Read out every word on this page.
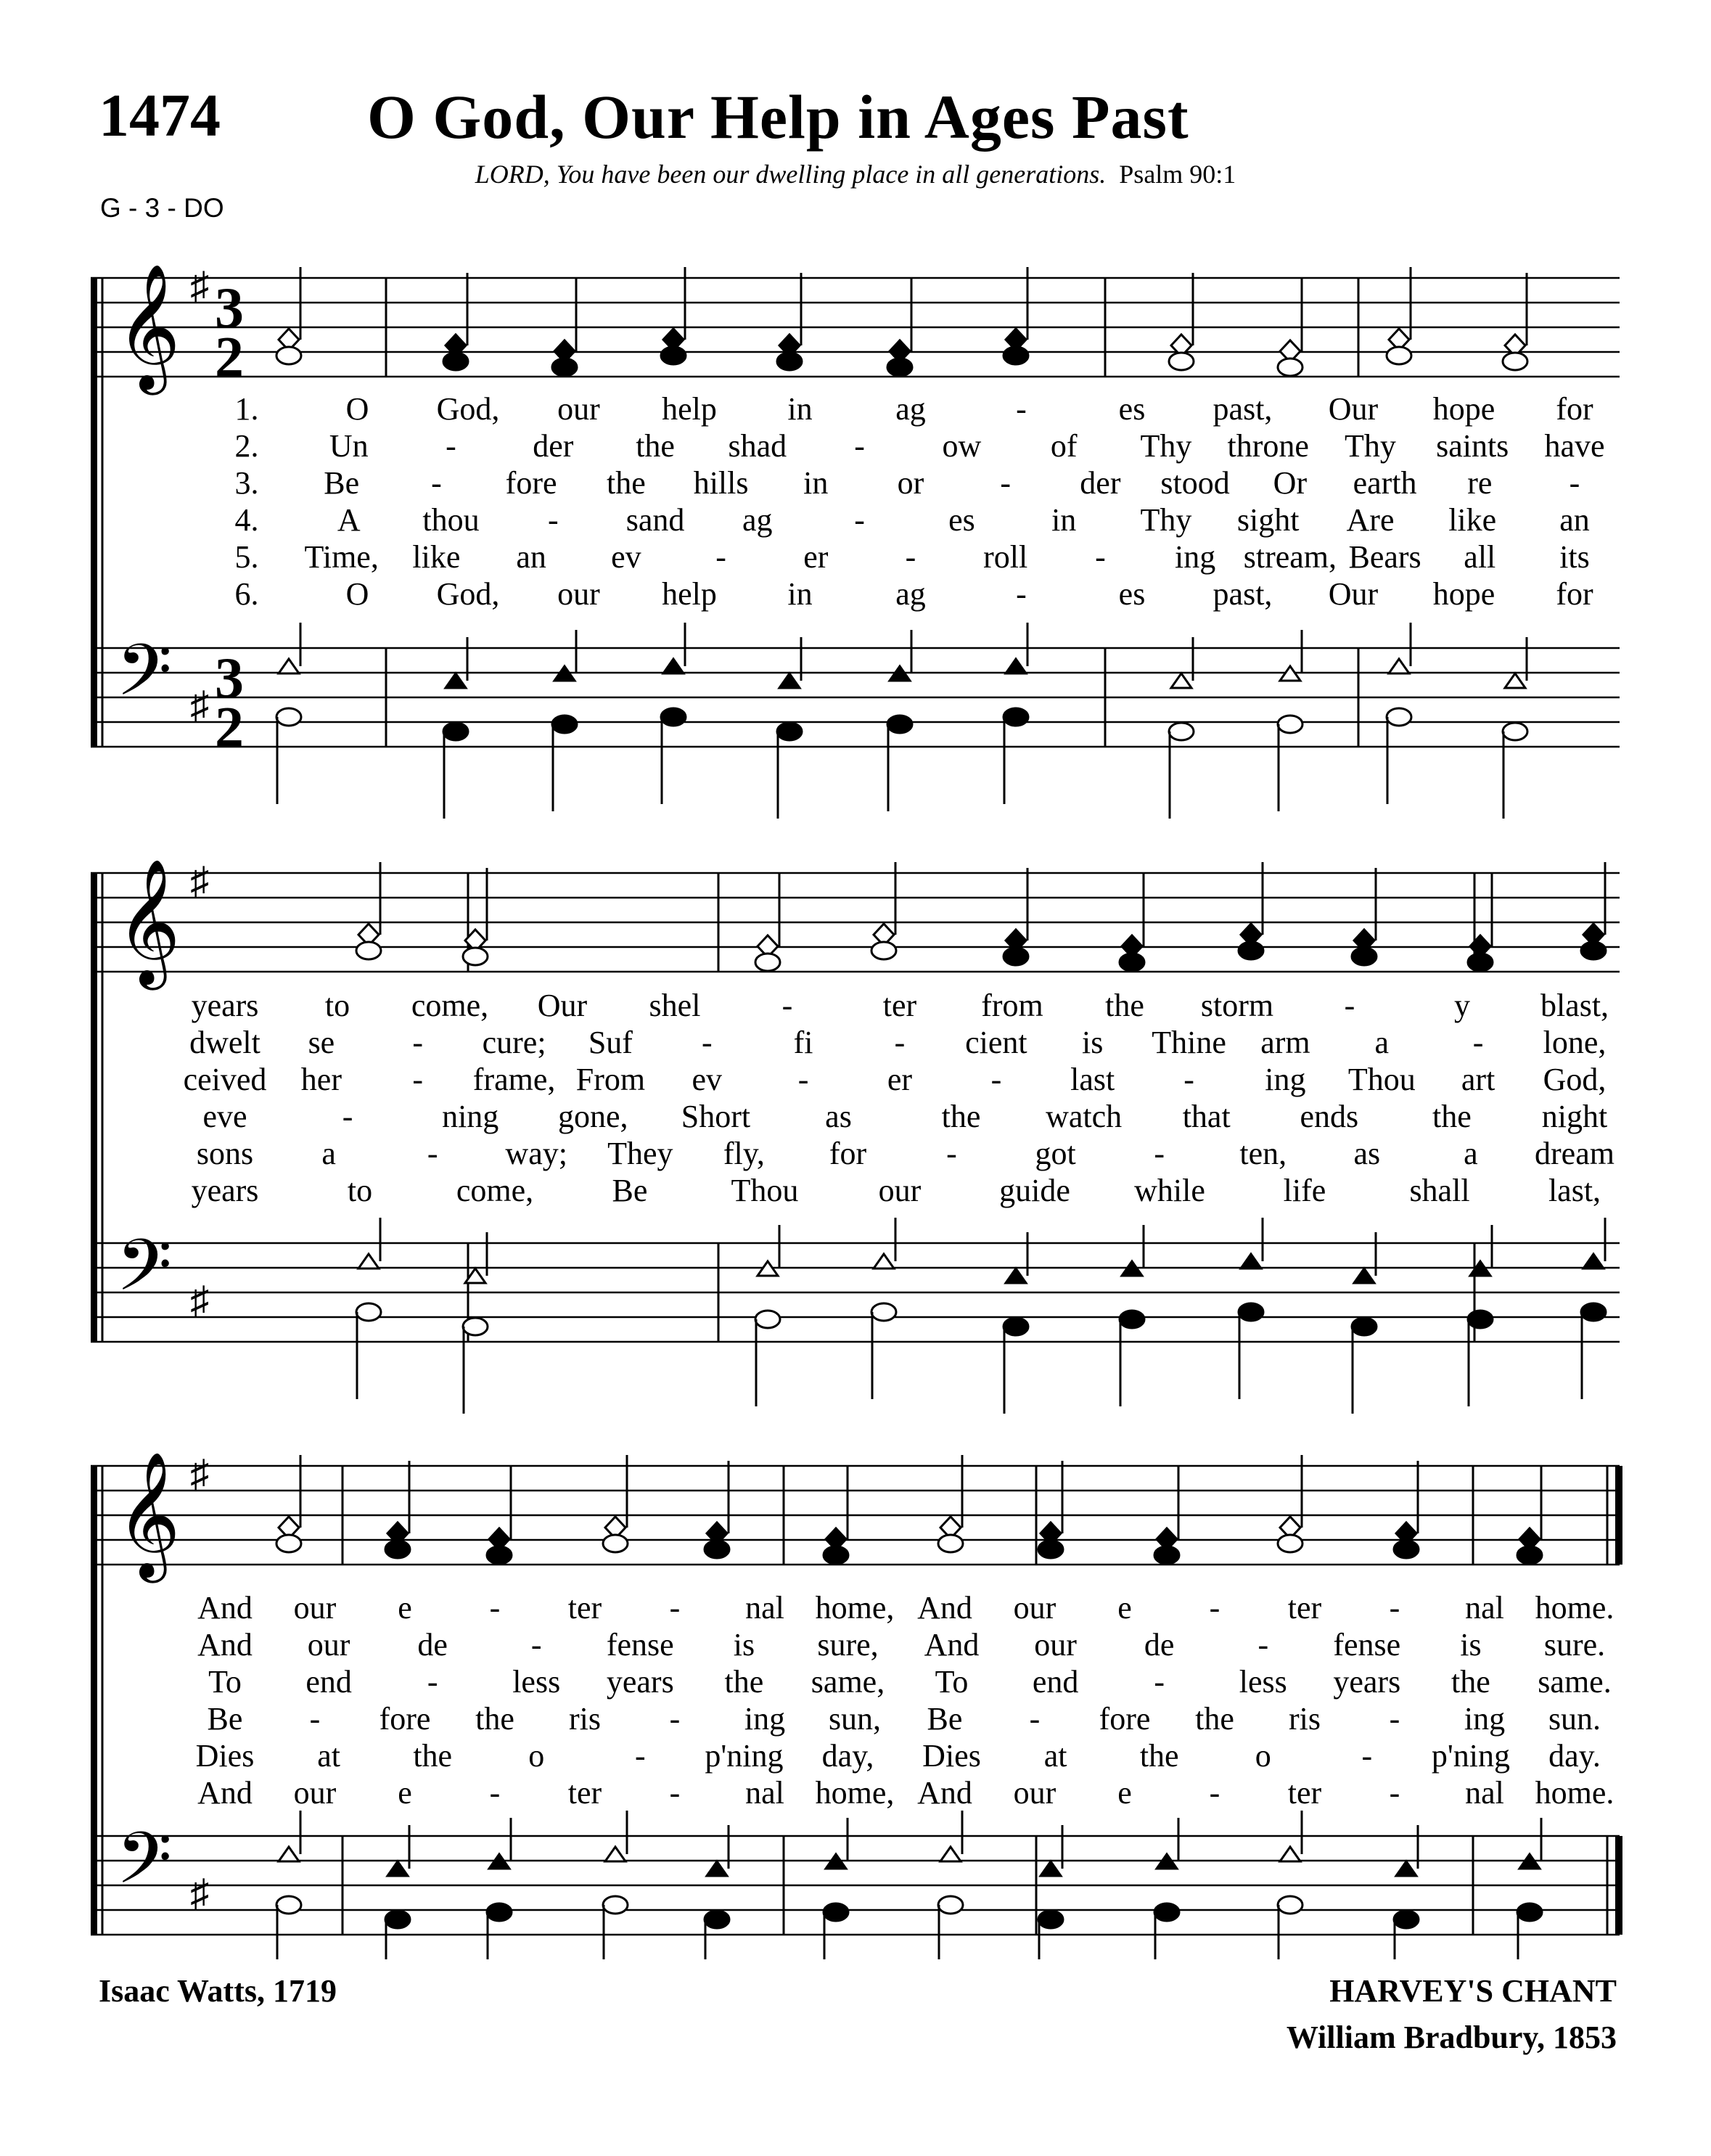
1474 O God, Our Help in Ages Past
LORD, You have been our dwelling place in all generations. Psalm 90:1
G - 3 - DO
𝄞
𝄢
♯
♯
3
2
3
2
1.	O God, our help in	ag	-	es past, Our hope for
2. Un - der the shad - ow of Thy throne Thy saints have
3. Be - fore the hills in or - der stood Or earth re -
4. A thou - sand ag	-	es in Thy sight Are like an
5. Time, like an ev - er - roll - ing stream, Bears all its
6.	O God, our help in	ag	-	es past, Our hope for
𝄞
𝄢
♯
♯
years to come, Our shel	-	ter from the storm -	y blast,
dwelt se - cure; Suf -	fi	- cient is Thine arm a	- lone,
ceived her - frame, From ev - er - last - ing Thou art God,
eve	-	ning gone, Short as	the watch that ends the night
sons a	- way; They fly, for	- got - ten, as	a dream
years	to	come, Be	Thou	our guide while life	shall last,
𝄞
𝄢
♯
♯
And our e - ter - nal home, And our e - ter - nal home.
And our de	- fense is sure, And our de	- fense is sure.
To end - less years the same, To end - less years the same.
Be - fore the ris - ing sun, Be - fore the ris - ing sun.
Dies at the o	- p'ning day, Dies at the o	- p'ning day.
And our e - ter - nal home, And our e - ter - nal home.
Isaac Watts, 1719	HARVEY'S CHANT
William Bradbury, 1853
